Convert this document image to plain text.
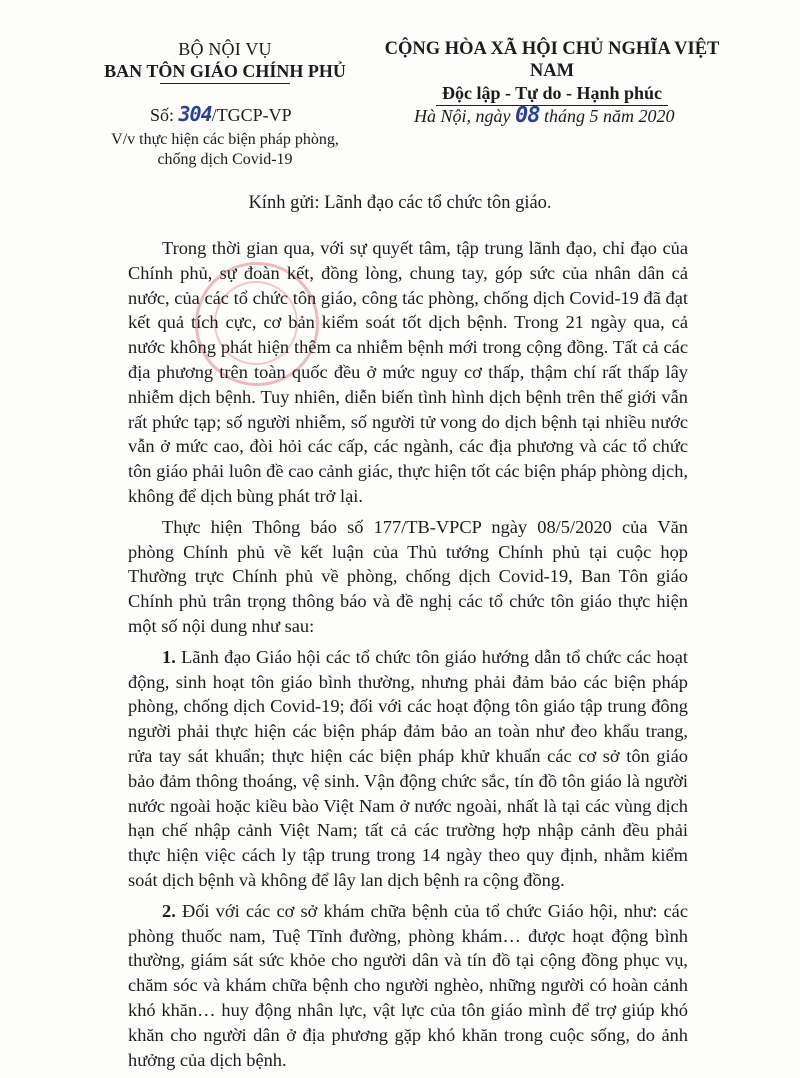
BỘ NỘI VỤ
BAN TÔN GIÁO CHÍNH PHỦ
CỘNG HÒA XÃ HỘI CHỦ NGHĨA VIỆT NAM
Độc lập - Tự do - Hạnh phúc
Số: 304/TGCP-VP	Hà Nội, ngày 08 tháng 5 năm 2020
V/v thực hiện các biện pháp phòng,
chống dịch Covid-19
Kính gửi: Lãnh đạo các tổ chức tôn giáo.

Trong thời gian qua, với sự quyết tâm, tập trung lãnh đạo, chỉ đạo của Chính phủ, sự đoàn kết, đồng lòng, chung tay, góp sức của nhân dân cả nước, của các tổ chức tôn giáo, công tác phòng, chống dịch Covid-19 đã đạt kết quả tích cực, cơ bản kiểm soát tốt dịch bệnh. Trong 21 ngày qua, cả nước không phát hiện thêm ca nhiễm bệnh mới trong cộng đồng. Tất cả các địa phương trên toàn quốc đều ở mức nguy cơ thấp, thậm chí rất thấp lây nhiễm dịch bệnh. Tuy nhiên, diễn biến tình hình dịch bệnh trên thế giới vẫn rất phức tạp; số người nhiễm, số người tử vong do dịch bệnh tại nhiều nước vẫn ở mức cao, đòi hỏi các cấp, các ngành, các địa phương và các tổ chức tôn giáo phải luôn đề cao cảnh giác, thực hiện tốt các biện pháp phòng dịch, không để dịch bùng phát trở lại.

Thực hiện Thông báo số 177/TB-VPCP ngày 08/5/2020 của Văn phòng Chính phủ về kết luận của Thủ tướng Chính phủ tại cuộc họp Thường trực Chính phủ về phòng, chống dịch Covid-19, Ban Tôn giáo Chính phủ trân trọng thông báo và đề nghị các tổ chức tôn giáo thực hiện một số nội dung như sau:

1. Lãnh đạo Giáo hội các tổ chức tôn giáo hướng dẫn tổ chức các hoạt động, sinh hoạt tôn giáo bình thường, nhưng phải đảm bảo các biện pháp phòng, chống dịch Covid-19; đối với các hoạt động tôn giáo tập trung đông người phải thực hiện các biện pháp đảm bảo an toàn như đeo khẩu trang, rửa tay sát khuẩn; thực hiện các biện pháp khử khuẩn các cơ sở tôn giáo bảo đảm thông thoáng, vệ sinh. Vận động chức sắc, tín đồ tôn giáo là người nước ngoài hoặc kiều bào Việt Nam ở nước ngoài, nhất là tại các vùng dịch hạn chế nhập cảnh Việt Nam; tất cả các trường hợp nhập cảnh đều phải thực hiện việc cách ly tập trung trong 14 ngày theo quy định, nhằm kiểm soát dịch bệnh và không để lây lan dịch bệnh ra cộng đồng.

2. Đối với các cơ sở khám chữa bệnh của tổ chức Giáo hội, như: các phòng thuốc nam, Tuệ Tĩnh đường, phòng khám… được hoạt động bình thường, giám sát sức khỏe cho người dân và tín đồ tại cộng đồng phục vụ, chăm sóc và khám chữa bệnh cho người nghèo, những người có hoàn cảnh khó khăn… huy động nhân lực, vật lực của tôn giáo mình để trợ giúp khó khăn cho người dân ở địa phương gặp khó khăn trong cuộc sống, do ảnh hưởng của dịch bệnh.
